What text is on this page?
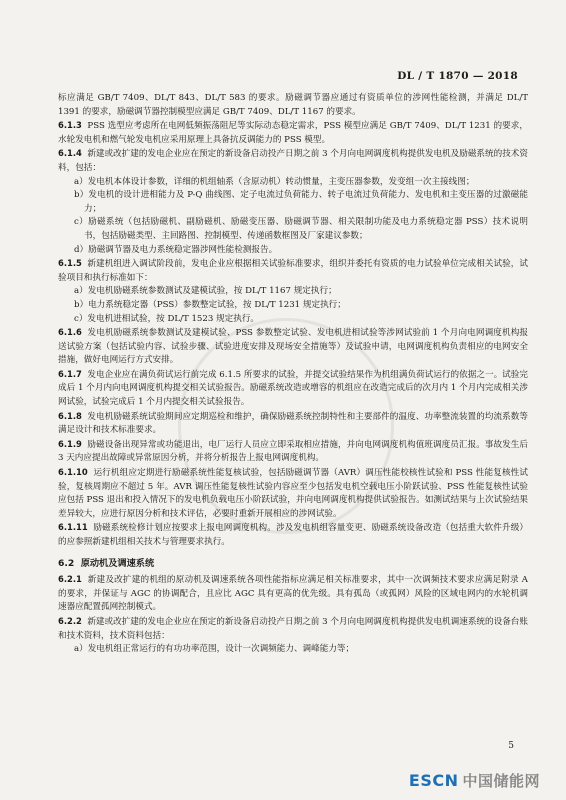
DL / T 1870 — 2018

标应满足 GB/T 7409、DL/T 843、DL/T 583 的要求。励磁调节器应通过有资质单位的涉网性能检测，并满足 DL/T 1391 的要求，励磁调节器控制模型应满足 GB/T 7409、DL/T 1167 的要求。

6.1.3 PSS 选型应考虑所在电网低频振荡阻尼等实际动态稳定需求，PSS 模型应满足 GB/T 7409、DL/T 1231 的要求，水轮发电机和燃气轮发电机应采用原理上具备抗反调能力的 PSS 模型。

6.1.4 新建或改扩建的发电企业应在预定的新设备启动投产日期之前 3 个月向电网调度机构提供发电机及励磁系统的技术资料，包括：

a）发电机本体设计参数，详细的机组轴系（含原动机）转动惯量，主变压器参数，发变组一次主接线图；

b）发电机的设计进相能力及 P-Q 曲线图、定子电流过负荷能力、转子电流过负荷能力、发电机和主变压器的过激磁能力；

c）励磁系统（包括励磁机、副励磁机、励磁变压器、励磁调节器、相关限制功能及电力系统稳定器 PSS）技术说明书，包括励磁类型、主回路图、控制模型、传递函数框图及厂家建议参数；

d）励磁调节器及电力系统稳定器涉网性能检测报告。

6.1.5 新建机组进入调试阶段前，发电企业应根据相关试验标准要求，组织并委托有资质的电力试验单位完成相关试验，试验项目和执行标准如下：

a）发电机励磁系统参数测试及建模试验，按 DL/T 1167 规定执行；

b）电力系统稳定器（PSS）参数整定试验，按 DL/T 1231 规定执行；

c）发电机进相试验，按 DL/T 1523 规定执行。

6.1.6 发电机励磁系统参数测试及建模试验、PSS 参数整定试验、发电机进相试验等涉网试验前 1 个月向电网调度机构报送试验方案（包括试验内容、试验步骤、试验进度安排及现场安全措施等）及试验申请，电网调度机构负责相应的电网安全措施，做好电网运行方式安排。

6.1.7 发电企业应在满负荷试运行前完成 6.1.5 所要求的试验，并提交试验结果作为机组满负荷试运行的依据之一。试验完成后 1 个月内向电网调度机构提交相关试验报告。励磁系统改造或增容的机组应在改造完成后的次月内 1 个月内完成相关涉网试验，试验完成后 1 个月内提交相关试验报告。

6.1.8 发电机励磁系统试验期间应定期巡检和维护，确保励磁系统控制特性和主要部件的温度、功率整流装置的均流系数等满足设计和技术标准要求。

6.1.9 励磁设备出现异常或功能退出，电厂运行人员应立即采取相应措施，并向电网调度机构值班调度员汇报。事故发生后 3 天内应提出故障或异常原因分析，并将分析报告上报电网调度机构。

6.1.10 运行机组应定期进行励磁系统性能复核试验，包括励磁调节器（AVR）调压性能校核性试验和 PSS 性能复核性试验，复核周期应不超过 5 年。AVR 调压性能复核性试验内容应至少包括发电机空载电压小阶跃试验、PSS 性能复核性试验应包括 PSS 退出和投入情况下的发电机负载电压小阶跃试验，并向电网调度机构提供试验报告。如测试结果与上次试验结果差异较大，应进行原因分析和技术评估，必要时重新开展相应的涉网试验。

6.1.11 励磁系统检修计划应按要求上报电网调度机构。涉及发电机组容量变更、励磁系统设备改造（包括重大软件升级）的应参照新建机组相关技术与管理要求执行。

6.2 原动机及调速系统

6.2.1 新建及改扩建的机组的原动机及调速系统各项性能指标应满足相关标准要求，其中一次调频技术要求应满足附录 A 的要求，并保证与 AGC 的协调配合，且应比 AGC 具有更高的优先级。具有孤岛（或孤网）风险的区域电网内的水轮机调速器应配置孤网控制模式。

6.2.2 新建或改扩建的发电企业应在预定的新设备启动投产日期之前 3 个月向电网调度机构提供发电机调速系统的设备台账和技术资料，技术资料包括：

a）发电机组正常运行的有功功率范围，设计一次调频能力、调峰能力等；

5
ESCN 中国储能网
